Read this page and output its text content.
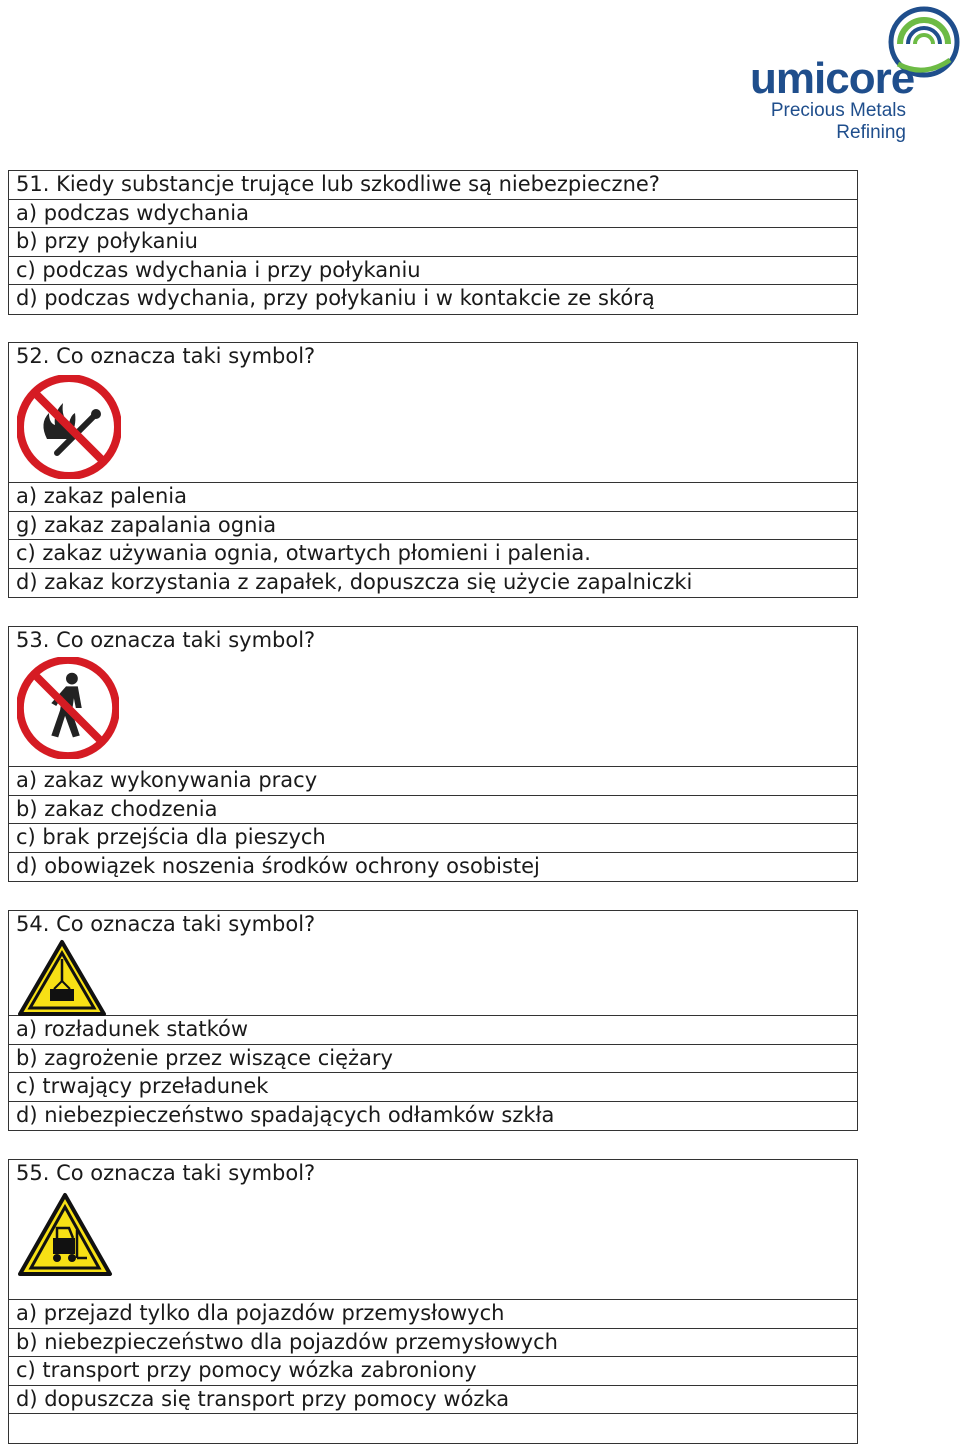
umicore
Precious Metals
Refining
51. Kiedy substancje trujące lub szkodliwe są niebezpieczne?
a) podczas wdychania
b) przy połykaniu
c) podczas wdychania i przy połykaniu
d) podczas wdychania, przy połykaniu i w kontakcie ze skórą
52. Co oznacza taki symbol?
a) zakaz palenia
g) zakaz zapalania ognia
c) zakaz używania ognia, otwartych płomieni i palenia.
d) zakaz korzystania z zapałek, dopuszcza się użycie zapalniczki
53. Co oznacza taki symbol?
a) zakaz wykonywania pracy
b) zakaz chodzenia
c) brak przejścia dla pieszych
d) obowiązek noszenia środków ochrony osobistej
54. Co oznacza taki symbol?
a) rozładunek statków
b) zagrożenie przez wiszące ciężary
c) trwający przeładunek
d) niebezpieczeństwo spadających odłamków szkła
55. Co oznacza taki symbol?
a) przejazd tylko dla pojazdów przemysłowych
b) niebezpieczeństwo dla pojazdów przemysłowych
c) transport przy pomocy wózka zabroniony
d) dopuszcza się transport przy pomocy wózka
